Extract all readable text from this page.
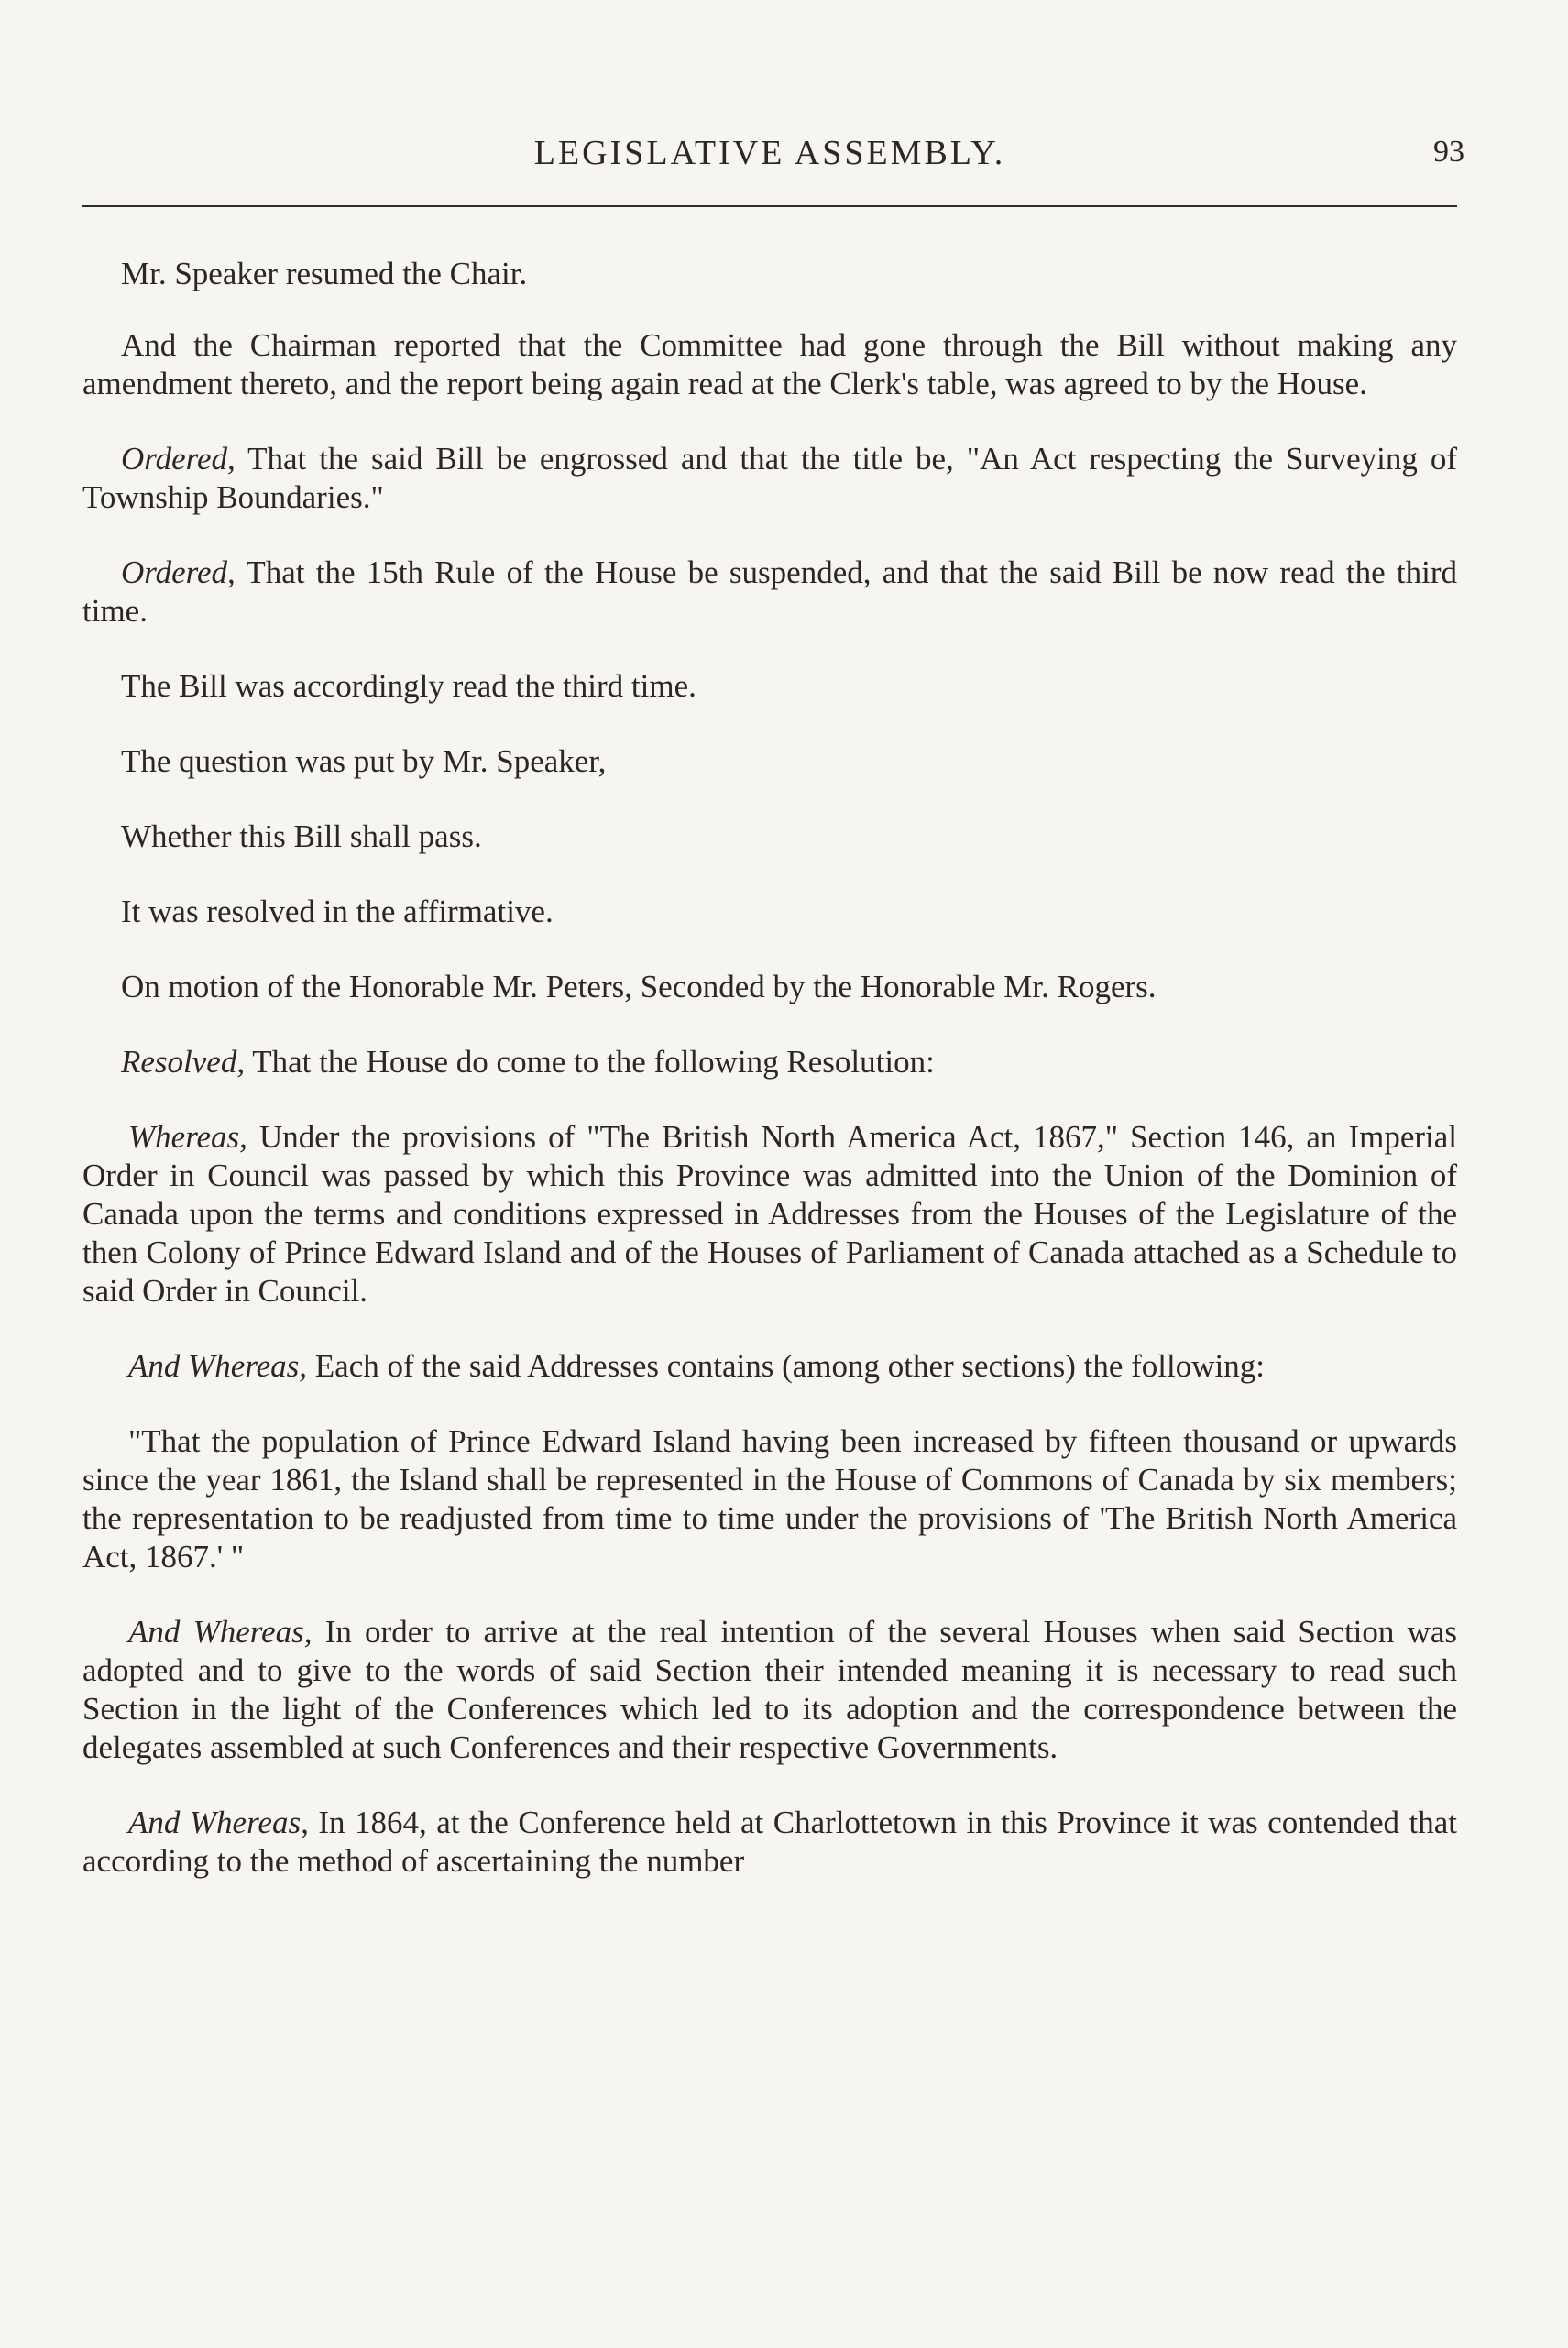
LEGISLATIVE ASSEMBLY.	93

Mr. Speaker resumed the Chair.

And the Chairman reported that the Committee had gone through the Bill without making any amendment thereto, and the report being again read at the Clerk's table, was agreed to by the House.

Ordered, That the said Bill be engrossed and that the title be, "An Act respecting the Surveying of Township Boundaries."

Ordered, That the 15th Rule of the House be suspended, and that the said Bill be now read the third time.

The Bill was accordingly read the third time.

The question was put by Mr. Speaker,

Whether this Bill shall pass.

It was resolved in the affirmative.

On motion of the Honorable Mr. Peters, Seconded by the Honorable Mr. Rogers.

Resolved, That the House do come to the following Resolution:

Whereas, Under the provisions of "The British North America Act, 1867," Section 146, an Imperial Order in Council was passed by which this Province was admitted into the Union of the Dominion of Canada upon the terms and conditions expressed in Addresses from the Houses of the Legislature of the then Colony of Prince Edward Island and of the Houses of Parliament of Canada attached as a Schedule to said Order in Council.

And Whereas, Each of the said Addresses contains (among other sections) the following:

"That the population of Prince Edward Island having been increased by fifteen thousand or upwards since the year 1861, the Island shall be represented in the House of Commons of Canada by six members; the representation to be readjusted from time to time under the provisions of 'The British North America Act, 1867.' "

And Whereas, In order to arrive at the real intention of the several Houses when said Section was adopted and to give to the words of said Section their intended meaning it is necessary to read such Section in the light of the Conferences which led to its adoption and the correspondence between the delegates assembled at such Conferences and their respective Governments.

And Whereas, In 1864, at the Conference held at Charlottetown in this Province it was contended that according to the method of ascertaining the number
